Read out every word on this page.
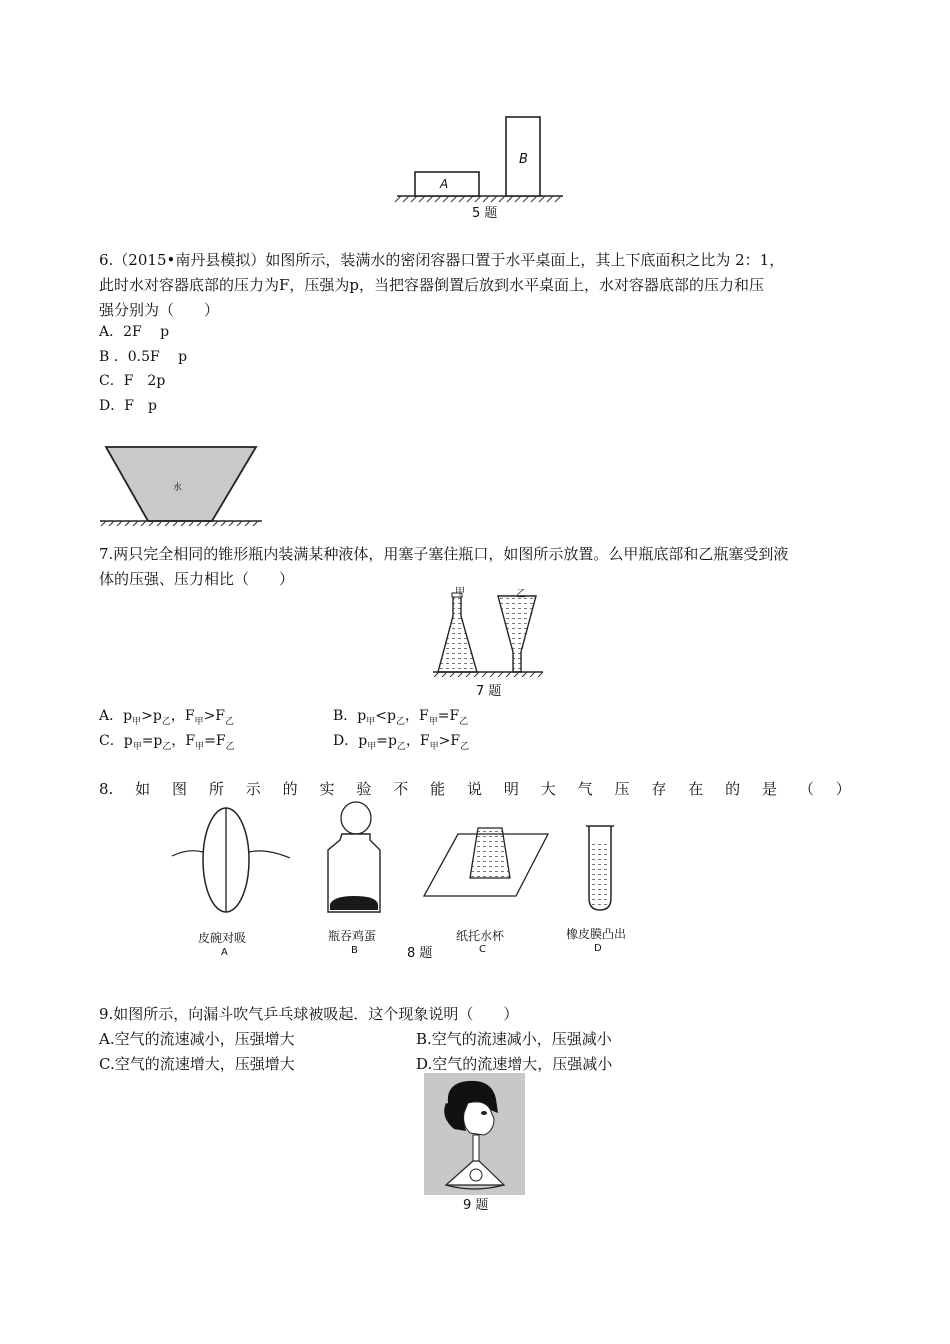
A
B
5 题
6.（2015•南丹县模拟）如图所示，装满水的密闭容器口置于水平桌面上，其上下底面积之比为 2：1，
此时水对容器底部的压力为F，压强为p，当把容器倒置后放到水平桌面上，水对容器底部的压力和压
强分别为（　　）
A．2F　 p
B ．0.5F　 p
C．F　2p
D．F　p
水
7.两只完全相同的锥形瓶内装满某种液体，用塞子塞住瓶口，如图所示放置。么甲瓶底部和乙瓶塞受到液
体的压强、压力相比（　　）
甲	乙
7 题
A．$p_甲>p_乙$，$F_甲>F_乙$	B．$p_甲<p_乙$，$F_甲=F_乙$
C．$p_甲=p_乙$，$F_甲=F_乙$	D．$p_甲=p_乙$，$F_甲>F_乙$
8. 如 图 所 示 的 实 验 不 能 说 明 大 气 压 存 在 的 是 （ ）
皮碗对吸
A
瓶吞鸡蛋
B	8 题
纸托水杯
C
橡皮膜凸出
D
9.如图所示，向漏斗吹气乒乓球被吸起．这个现象说明（　　）
A.空气的流速减小，压强增大	B.空气的流速减小，压强减小
C.空气的流速增大，压强增大	D.空气的流速增大，压强减小
9 题
